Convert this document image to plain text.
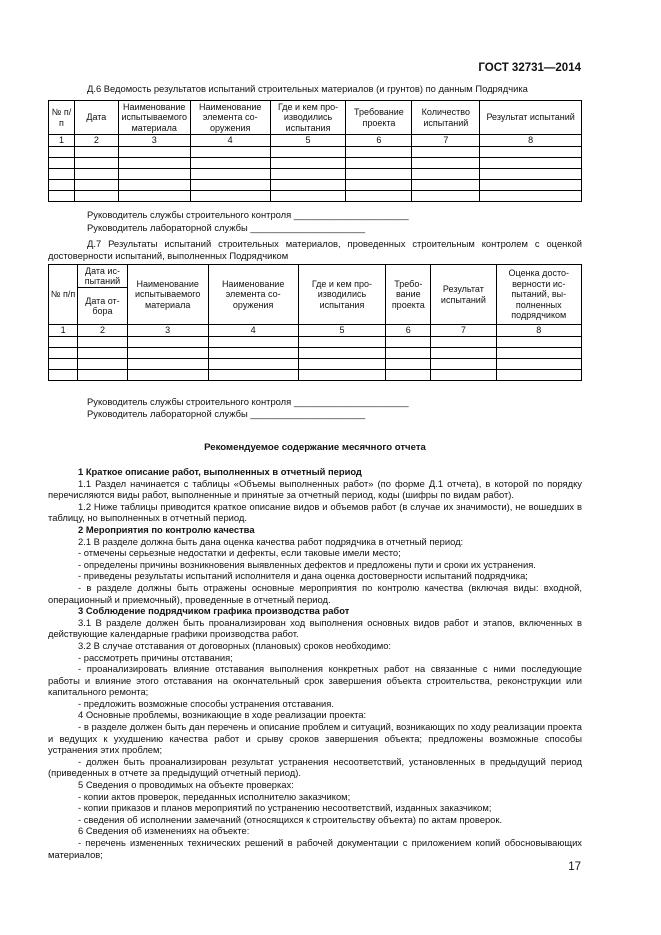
ГОСТ 32731—2014
Д.6 Ведомость результатов испытаний строительных материалов (и грунтов) по данным Подрядчика
№ п/п	Дата	Наименование испытываемого материала	Наименование элемента со-оружения	Где и кем про-изводились испытания	Требование проекта	Количество испытаний	Результат испытаний
1	2	3	4	5	6	7	8

Руководитель службы строительного контроля ______________________
Руководитель лабораторной службы ______________________
Д.7 Результаты испытаний строительных материалов, проведенных строительным контролем с оценкой достоверности испытаний, выполненных Подрядчиком
№ п/п	Дата ис-пытаний	Наименование испытываемого материала	Наименование элемента со-оружения	Где и кем про-изводились испытания	Требо-вание проекта	Результат испытаний	Оценка досто-верности ис-пытаний, вы-полненных подрядчиком
	Дата от-бора						
1	2	3	4	5	6	7	8

Руководитель службы строительного контроля ______________________
Руководитель лабораторной службы ______________________
Рекомендуемое содержание месячного отчета

1 Краткое описание работ, выполненных в отчетный период

1.1 Раздел начинается с таблицы «Объемы выполненных работ» (по форме Д.1 отчета), в которой по порядку перечисляются виды работ, выполненные и принятые за отчетный период, коды (шифры по видам работ).

1.2 Ниже таблицы приводится краткое описание видов и объемов работ (в случае их значимости), не вошедших в таблицу, но выполненных в отчетный период.

2 Мероприятия по контролю качества

2.1 В разделе должна быть дана оценка качества работ подрядчика в отчетный период:

- отмечены серьезные недостатки и дефекты, если таковые имели место;

- определены причины возникновения выявленных дефектов и предложены пути и сроки их устранения.

- приведены результаты испытаний исполнителя и дана оценка достоверности испытаний подрядчика;

- в разделе должны быть отражены основные мероприятия по контролю качества (включая виды: входной, операционный и приемочный), проведенные в отчетный период.

3 Соблюдение подрядчиком графика производства работ

3.1 В разделе должен быть проанализирован ход выполнения основных видов работ и этапов, включенных в действующие календарные графики производства работ.

3.2 В случае отставания от договорных (плановых) сроков необходимо:

- рассмотреть причины отставания;

- проанализировать влияние отставания выполнения конкретных работ на связанные с ними последующие работы и влияние этого отставания на окончательный срок завершения объекта строительства, реконструкции или капитального ремонта;

- предложить возможные способы устранения отставания.

4 Основные проблемы, возникающие в ходе реализации проекта:

- в разделе должен быть дан перечень и описание проблем и ситуаций, возникающих по ходу реализации проекта и ведущих к ухудшению качества работ и срыву сроков завершения объекта; предложены возможные способы устранения этих проблем;

- должен быть проанализирован результат устранения несоответствий, установленных в предыдущий период (приведенных в отчете за предыдущий отчетный период).

5 Сведения о проводимых на объекте проверках:

- копии актов проверок, переданных исполнителю заказчиком;

- копии приказов и планов мероприятий по устранению несоответствий, изданных заказчиком;

- сведения об исполнении замечаний (относящихся к строительству объекта) по актам проверок.

6 Сведения об изменениях на объекте:

- перечень измененных технических решений в рабочей документации с приложением копий обосновывающих материалов;

17
